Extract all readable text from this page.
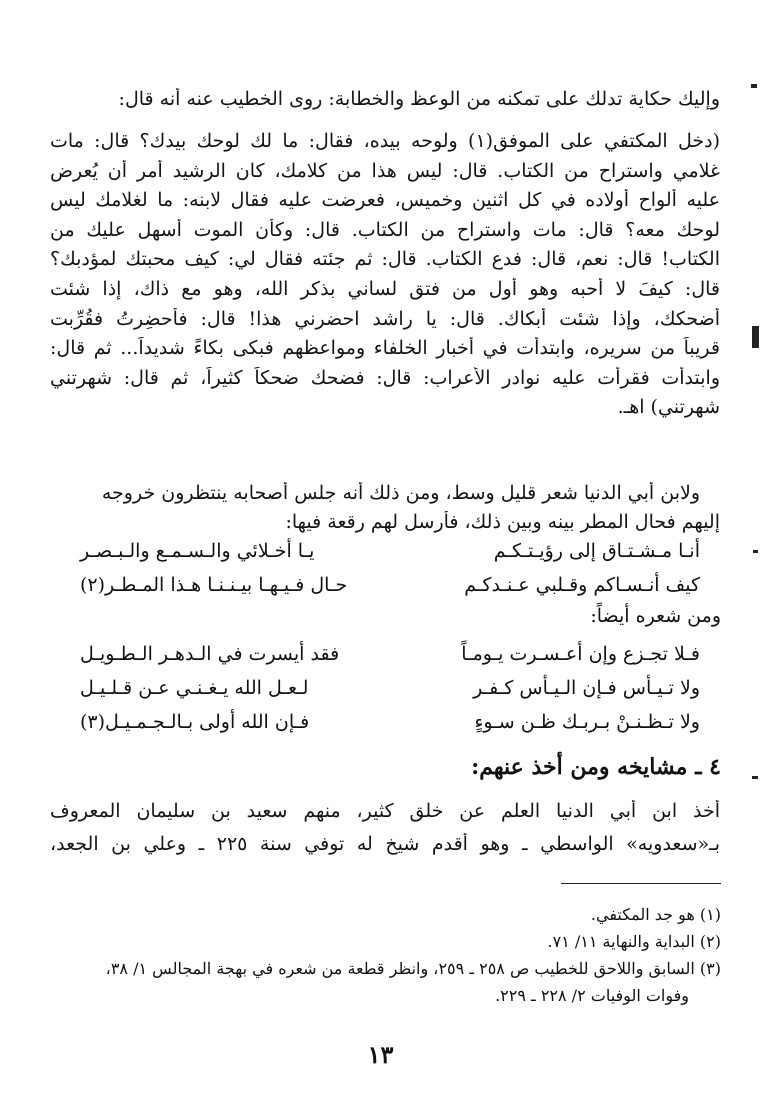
وإليك حكاية تدلك على تمكنه من الوعظ والخطابة: روى الخطيب عنه أنه قال:
(دخل المكتفي على الموفق(١) ولوحه بيده، فقال: ما لك لوحك بيدك؟ قال: مات
غلامي واستراح من الكتاب. قال: ليس هذا من كلامك، كان الرشيد أمر أن يُعرض
عليه ألواح أولاده في كل اثنين وخميس، فعرضت عليه فقال لابنه: ما لغلامك ليس
لوحك معه؟ قال: مات واستراح من الكتاب. قال: وكأن الموت أسهل عليك من
الكتاب! قال: نعم، قال: فدع الكتاب. قال: ثم جئته فقال لي: كيف محبتك لمؤدبك؟
قال: كيفَ لا أحبه وهو أول من فتق لساني بذكر الله، وهو مع ذاك، إذا شئت
أضحكك، وإذا شئت أبكاك. قال: يا راشد احضرني هذا! قال: فأحضِرتُ فقُرِّبت
قريباً من سريره، وابتدأت في أخبار الخلفاء ومواعظهم فبكى بكاءً شديداً... ثم قال:
وابتدأت فقرأت عليه نوادر الأعراب: قال: فضحك ضحكاً كثيراً، ثم قال: شهرتني
شهرتني) اهـ.
ولابن أبي الدنيا شعر قليل وسط، ومن ذلك أنه جلس أصحابه ينتظرون خروجه
إليهم فحال المطر بينه وبين ذلك، فأرسل لهم رقعة فيها:
أنـا مـشـتـاق إلى رؤيـتـكـم
يـا أخـلائي والـسـمـع والـبـصـر
كيف أنـسـاكم وقـلبي عـنـدكـم
حـال فـيـهـا بيـنـنـا هـذا المـطـر(٢)
ومن شعره أيضاً:
فـلا تجـزع وإن أعـسـرت يـومـاً
فقد أيسرت في الـدهـر الـطـويـل
ولا تـيـأس فـإن الـيـأس كـفـر
لـعـل الله يـغـنـي عـن قـلـيـل
ولا تـظـنـنْ بـربـك ظـن سـوءٍ
فـإن الله أولى بـالـجـمـيـل(٣)
٤ ـ مشايخه ومن أخذ عنهم:
أخذ ابن أبي الدنيا العلم عن خلق كثير، منهم سعيد بن سليمان المعروف
بـ«سعدويه» الواسطي ـ وهو أقدم شيخ له توفي سنة ٢٢٥ ـ وعلي بن الجعد،
(١) هو جد المكتفي.
(٢) البداية والنهاية ١١/ ٧١.
(٣) السابق واللاحق للخطيب ص ٢٥٨ ـ ٢٥٩، وانظر قطعة من شعره في بهجة المجالس ١/ ٣٨،
وفوات الوفيات ٢/ ٢٢٨ ـ ٢٢٩.
١٣
